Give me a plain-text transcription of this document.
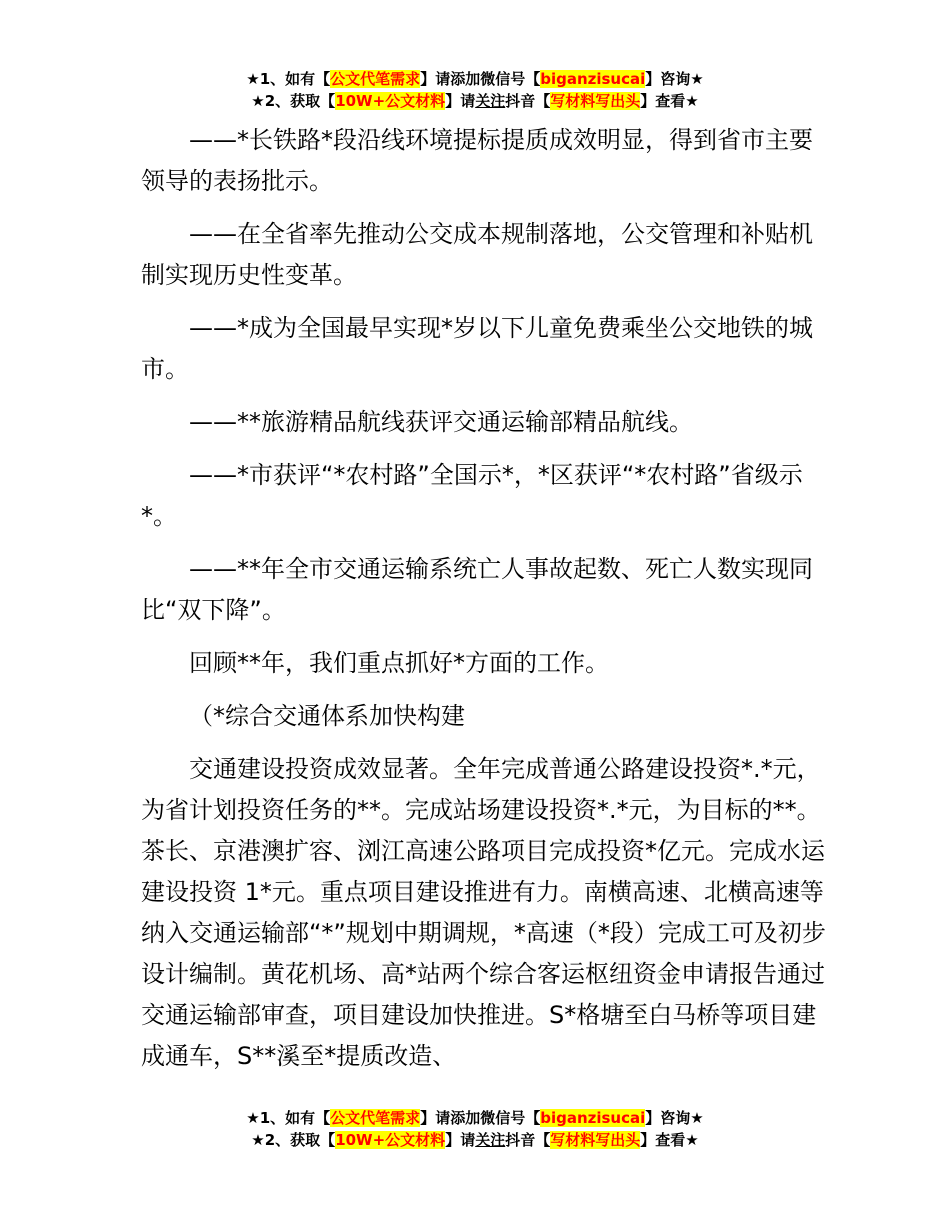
★1、如有【公文代笔需求】请添加微信号【biganzisucai】咨询★
★2、获取【10W+公文材料】请关注抖音【写材料写出头】查看★

——*长铁路*段沿线环境提标提质成效明显，得到省市主要领导的表扬批示。

——在全省率先推动公交成本规制落地，公交管理和补贴机制实现历史性变革。

——*成为全国最早实现*岁以下儿童免费乘坐公交地铁的城市。

——**旅游精品航线获评交通运输部精品航线。

——*市获评“*农村路”全国示*，*区获评“*农村路”省级示*。

——**年全市交通运输系统亡人事故起数、死亡人数实现同比“双下降”。

回顾**年，我们重点抓好*方面的工作。

（*综合交通体系加快构建

交通建设投资成效显著。全年完成普通公路建设投资*.*元，为省计划投资任务的**。完成站场建设投资*.*元，为目标的**。茶长、京港澳扩容、浏江高速公路项目完成投资*亿元。完成水运建设投资 1*元。重点项目建设推进有力。南横高速、北横高速等纳入交通运输部“*”规划中期调规，*高速（*段）完成工可及初步设计编制。黄花机场、高*站两个综合客运枢纽资金申请报告通过交通运输部审查，项目建设加快推进。S*格塘至白马桥等项目建成通车，S**溪至*提质改造、

★1、如有【公文代笔需求】请添加微信号【biganzisucai】咨询★
★2、获取【10W+公文材料】请关注抖音【写材料写出头】查看★
